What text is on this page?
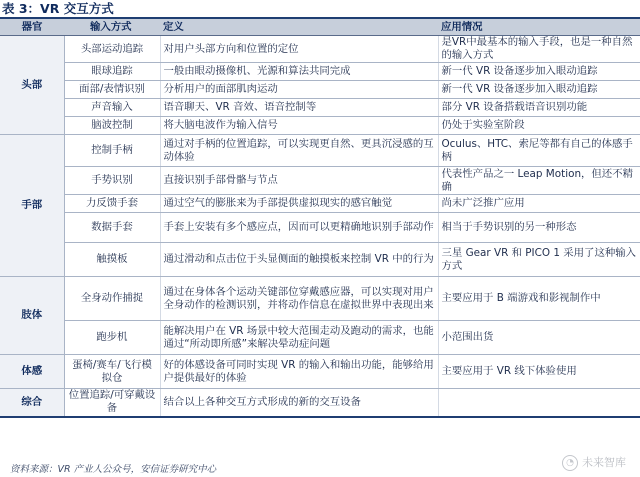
表 3：VR 交互方式
器官	输入方式	定义	应用情况
头部	头部运动追踪	对用户头部方向和位置的定位	是VR中最基本的输入手段，也是一种自然的输入方式
	眼球追踪	一般由眼动摄像机、光源和算法共同完成	新一代 VR 设备逐步加入眼动追踪
	面部/表情识别	分析用户的面部肌肉运动	新一代 VR 设备逐步加入眼动追踪
	声音输入	语音聊天、VR 音效、语音控制等	部分 VR 设备搭载语音识别功能
	脑波控制	将大脑电波作为输入信号	仍处于实验室阶段
手部	控制手柄	通过对手柄的位置追踪，可以实现更自然、更具沉浸感的互动体验	Oculus、HTC、索尼等都有自己的体感手柄
	手势识别	直接识别手部骨骼与节点	代表性产品之一 Leap Motion，但还不精确
	力反馈手套	通过空气的膨胀来为手部提供虚拟现实的感官触觉	尚未广泛推广应用
	数据手套	手套上安装有多个感应点，因而可以更精确地识别手部动作	相当于手势识别的另一种形态
	触摸板	通过滑动和点击位于头显侧面的触摸板来控制 VR 中的行为	三星 Gear VR 和 PICO 1 采用了这种输入方式
肢体	全身动作捕捉	通过在身体各个运动关键部位穿戴感应器，可以实现对用户全身动作的检测识别，并将动作信息在虚拟世界中表现出来	主要应用于 B 端游戏和影视制作中
	跑步机	能解决用户在 VR 场景中较大范围走动及跑动的需求，也能通过“所动即所感”来解决晕动症问题	小范围出货
体感	蛋椅/赛车/飞行模拟仓	好的体感设备可同时实现 VR 的输入和输出功能，能够给用户提供最好的体验	主要应用于 VR 线下体验使用
综合	位置追踪/可穿戴设备	结合以上各种交互方式形成的新的交互设备	
资料来源：VR 产业人公众号，安信证券研究中心
◔ 未来智库
